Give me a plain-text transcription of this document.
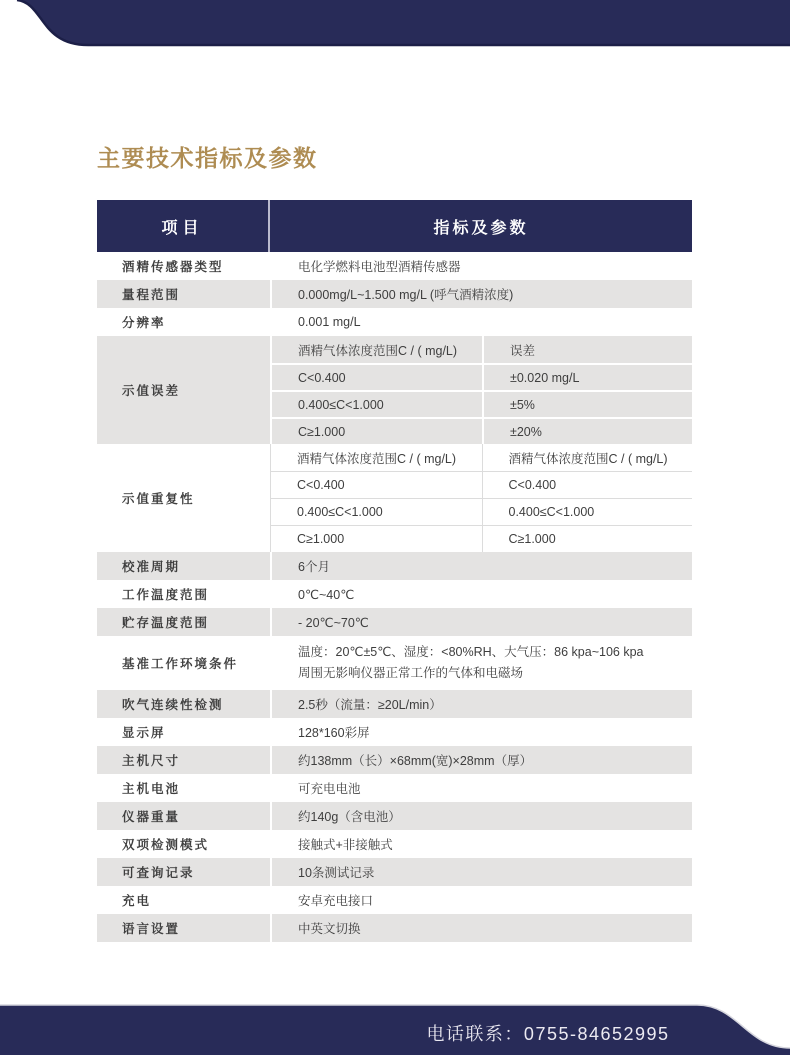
主要技术指标及参数
项目	指标及参数
酒精传感器类型	电化学燃料电池型酒精传感器
量程范围	0.000mg/L~1.500 mg/L (呼气酒精浓度)
分辨率	0.001 mg/L
示值误差
酒精气体浓度范围C / ( mg/L)	误差
C<0.400	±0.020 mg/L
0.400≤C<1.000	±5%
C≥1.000	±20%
示值重复性
酒精气体浓度范围C / ( mg/L)	酒精气体浓度范围C / ( mg/L)
C<0.400	C<0.400
0.400≤C<1.000	0.400≤C<1.000
C≥1.000	C≥1.000
校准周期	6个月
工作温度范围	0℃~40℃
贮存温度范围	- 20℃~70℃
基准工作环境条件
温度：20℃±5℃、湿度：<80%RH、大气压：86 kpa~106 kpa
周围无影响仪器正常工作的气体和电磁场
吹气连续性检测	2.5秒（流量：≥20L/min）
显示屏	128*160彩屏
主机尺寸	约138mm（长）×68mm(宽)×28mm（厚）
主机电池	可充电电池
仪器重量	约140g（含电池）
双项检测模式	接触式+非接触式
可查询记录	10条测试记录
充电	安卓充电接口
语言设置	中英文切换
电话联系：0755-84652995
